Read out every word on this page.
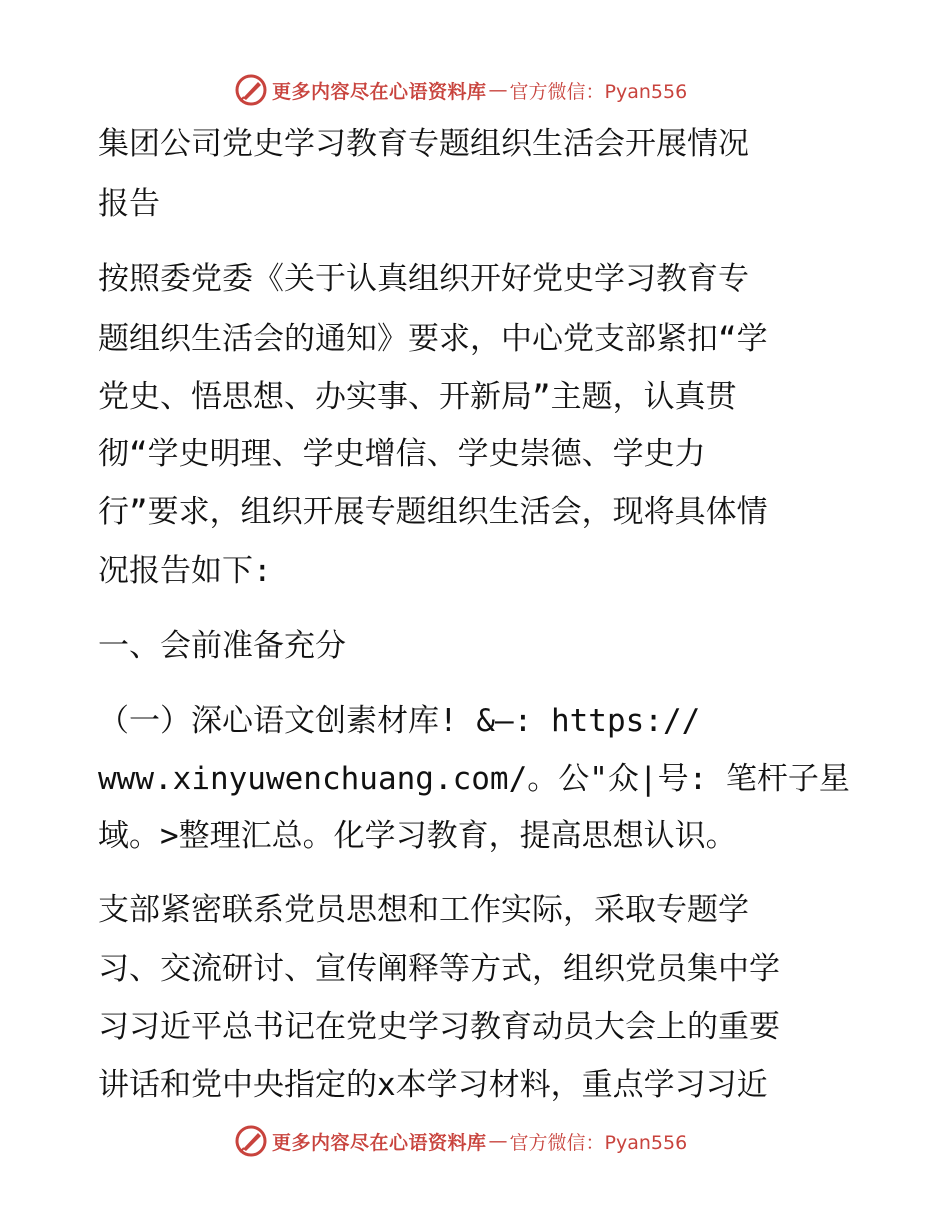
更多内容尽在心语资料库 — 官方微信：Pyan556
集团公司党史学习教育专题组织生活会开展情况
报告
按照委党委《关于认真组织开好党史学习教育专
题组织生活会的通知》要求，中心党支部紧扣“学
党史、悟思想、办实事、开新局”主题，认真贯
彻“学史明理、学史增信、学史崇德、学史力
行”要求，组织开展专题组织生活会，现将具体情
况报告如下:
一、会前准备充分
（一）深心语文创素材库! &—: https://
www.xinyuwenchuang.com/。公"众|号: 笔杆子星
域。>整理汇总。化学习教育，提高思想认识。
支部紧密联系党员思想和工作实际，采取专题学
习、交流研讨、宣传阐释等方式，组织党员集中学
习习近平总书记在党史学习教育动员大会上的重要
讲话和党中央指定的x本学习材料，重点学习习近
更多内容尽在心语资料库 — 官方微信：Pyan556
